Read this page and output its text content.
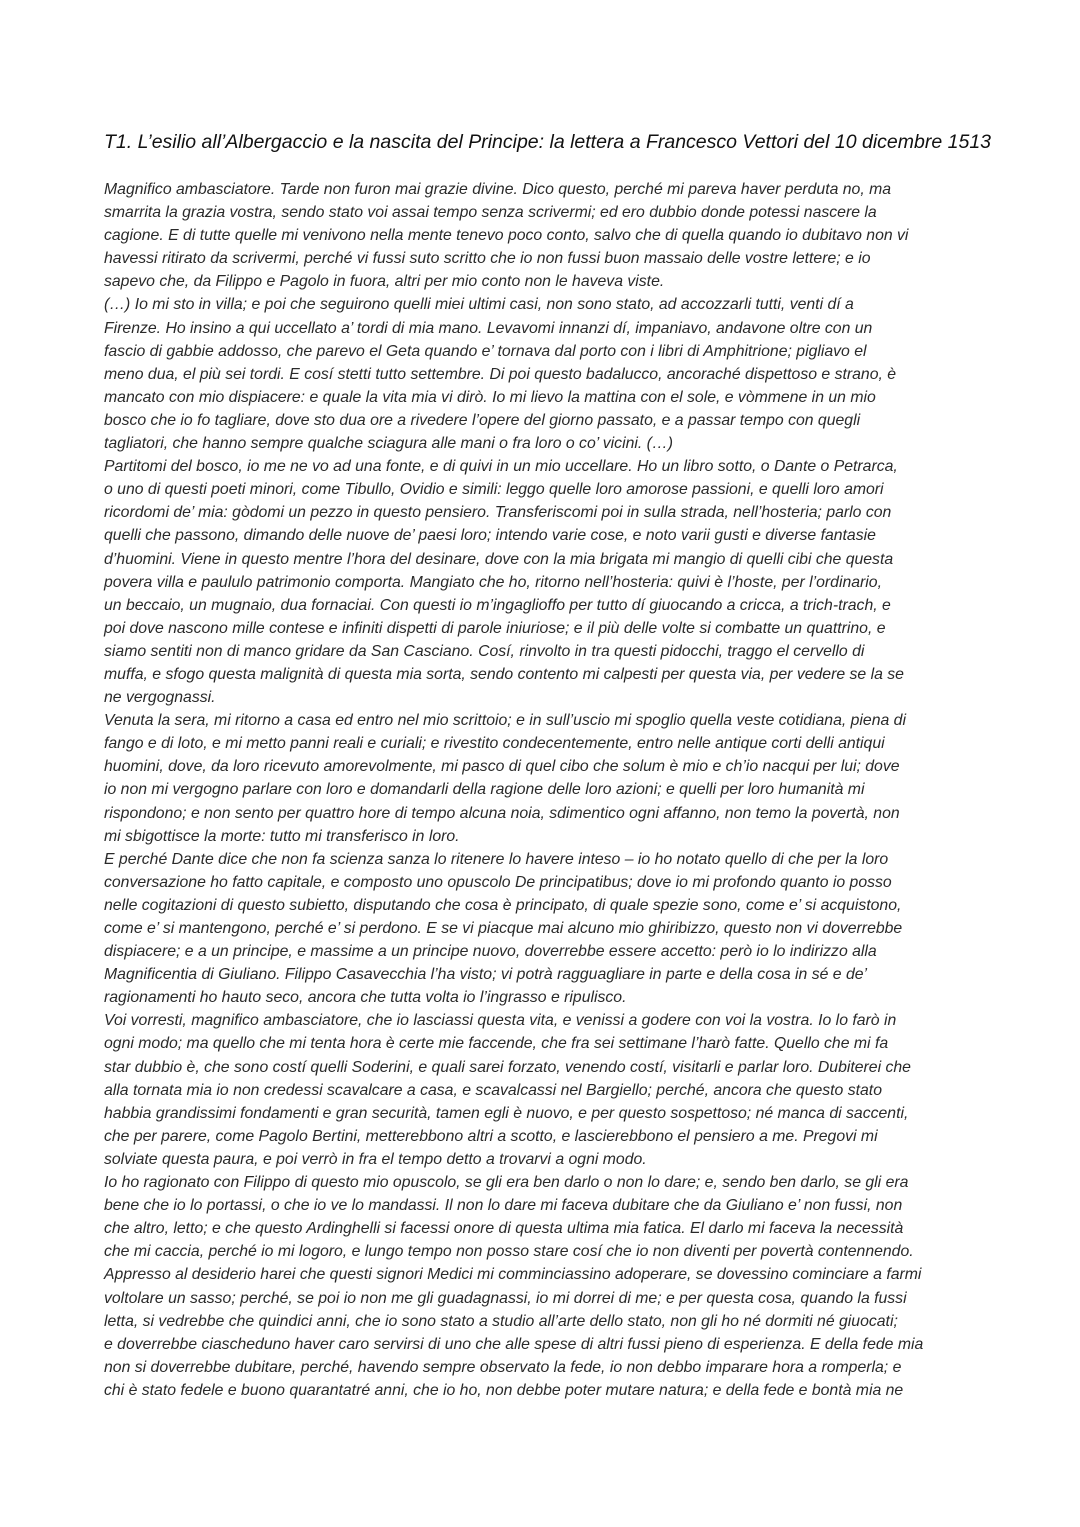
T1. L’esilio all’Albergaccio e la nascita del Principe: la lettera a Francesco Vettori del 10 dicembre 1513
Magnifico ambasciatore. Tarde non furon mai grazie divine. Dico questo, perché mi pareva haver perduta no, ma
smarrita la grazia vostra, sendo stato voi assai tempo senza scrivermi; ed ero dubbio donde potessi nascere la
cagione. E di tutte quelle mi venivono nella mente tenevo poco conto, salvo che di quella quando io dubitavo non vi
havessi ritirato da scrivermi, perché vi fussi suto scritto che io non fussi buon massaio delle vostre lettere; e io
sapevo che, da Filippo e Pagolo in fuora, altri per mio conto non le haveva viste.
(…) Io mi sto in villa; e poi che seguirono quelli miei ultimi casi, non sono stato, ad accozzarli tutti, venti dí a
Firenze. Ho insino a qui uccellato a’ tordi di mia mano. Levavomi innanzi dí, impaniavo, andavone oltre con un
fascio di gabbie addosso, che parevo el Geta quando e’ tornava dal porto con i libri di Amphitrione; pigliavo el
meno dua, el più sei tordi. E cosí stetti tutto settembre. Di poi questo badalucco, ancoraché dispettoso e strano, è
mancato con mio dispiacere: e quale la vita mia vi dirò. Io mi lievo la mattina con el sole, e vòmmene in un mio
bosco che io fo tagliare, dove sto dua ore a rivedere l’opere del giorno passato, e a passar tempo con quegli
tagliatori, che hanno sempre qualche sciagura alle mani o fra loro o co’ vicini. (…)
Partitomi del bosco, io me ne vo ad una fonte, e di quivi in un mio uccellare. Ho un libro sotto, o Dante o Petrarca,
o uno di questi poeti minori, come Tibullo, Ovidio e simili: leggo quelle loro amorose passioni, e quelli loro amori
ricordomi de’ mia: gòdomi un pezzo in questo pensiero. Transferiscomi poi in sulla strada, nell’hosteria; parlo con
quelli che passono, dimando delle nuove de’ paesi loro; intendo varie cose, e noto varii gusti e diverse fantasie
d’huomini. Viene in questo mentre l’hora del desinare, dove con la mia brigata mi mangio di quelli cibi che questa
povera villa e paululo patrimonio comporta. Mangiato che ho, ritorno nell’hosteria: quivi è l’hoste, per l’ordinario,
un beccaio, un mugnaio, dua fornaciai. Con questi io m’ingaglioffo per tutto dí giuocando a cricca, a trich-trach, e
poi dove nascono mille contese e infiniti dispetti di parole iniuriose; e il più delle volte si combatte un quattrino, e
siamo sentiti non di manco gridare da San Casciano. Cosí, rinvolto in tra questi pidocchi, traggo el cervello di
muffa, e sfogo questa malignità di questa mia sorta, sendo contento mi calpesti per questa via, per vedere se la se
ne vergognassi.
Venuta la sera, mi ritorno a casa ed entro nel mio scrittoio; e in sull’uscio mi spoglio quella veste cotidiana, piena di
fango e di loto, e mi metto panni reali e curiali; e rivestito condecentemente, entro nelle antique corti delli antiqui
huomini, dove, da loro ricevuto amorevolmente, mi pasco di quel cibo che solum è mio e ch’io nacqui per lui; dove
io non mi vergogno parlare con loro e domandarli della ragione delle loro azioni; e quelli per loro humanità mi
rispondono; e non sento per quattro hore di tempo alcuna noia, sdimentico ogni affanno, non temo la povertà, non
mi sbigottisce la morte: tutto mi transferisco in loro.
E perché Dante dice che non fa scienza sanza lo ritenere lo havere inteso – io ho notato quello di che per la loro
conversazione ho fatto capitale, e composto uno opuscolo De principatibus; dove io mi profondo quanto io posso
nelle cogitazioni di questo subietto, disputando che cosa è principato, di quale spezie sono, come e’ si acquistono,
come e’ si mantengono, perché e’ si perdono. E se vi piacque mai alcuno mio ghiribizzo, questo non vi doverrebbe
dispiacere; e a un principe, e massime a un principe nuovo, doverrebbe essere accetto: però io lo indirizzo alla
Magnificentia di Giuliano. Filippo Casavecchia l’ha visto; vi potrà ragguagliare in parte e della cosa in sé e de’
ragionamenti ho hauto seco, ancora che tutta volta io l’ingrasso e ripulisco.
Voi vorresti, magnifico ambasciatore, che io lasciassi questa vita, e venissi a godere con voi la vostra. Io lo farò in
ogni modo; ma quello che mi tenta hora è certe mie faccende, che fra sei settimane l’harò fatte. Quello che mi fa
star dubbio è, che sono costí quelli Soderini, e quali sarei forzato, venendo costí, visitarli e parlar loro. Dubiterei che
alla tornata mia io non credessi scavalcare a casa, e scavalcassi nel Bargiello; perché, ancora che questo stato
habbia grandissimi fondamenti e gran securità, tamen egli è nuovo, e per questo sospettoso; né manca di saccenti,
che per parere, come Pagolo Bertini, metterebbono altri a scotto, e lascierebbono el pensiero a me. Pregovi mi
solviate questa paura, e poi verrò in fra el tempo detto a trovarvi a ogni modo.
Io ho ragionato con Filippo di questo mio opuscolo, se gli era ben darlo o non lo dare; e, sendo ben darlo, se gli era
bene che io lo portassi, o che io ve lo mandassi. Il non lo dare mi faceva dubitare che da Giuliano e’ non fussi, non
che altro, letto; e che questo Ardinghelli si facessi onore di questa ultima mia fatica. El darlo mi faceva la necessità
che mi caccia, perché io mi logoro, e lungo tempo non posso stare cosí che io non diventi per povertà contennendo.
Appresso al desiderio harei che questi signori Medici mi comminciassino adoperare, se dovessino cominciare a farmi
voltolare un sasso; perché, se poi io non me gli guadagnassi, io mi dorrei di me; e per questa cosa, quando la fussi
letta, si vedrebbe che quindici anni, che io sono stato a studio all’arte dello stato, non gli ho né dormiti né giuocati;
e doverrebbe ciascheduno haver caro servirsi di uno che alle spese di altri fussi pieno di esperienza. E della fede mia
non si doverrebbe dubitare, perché, havendo sempre observato la fede, io non debbo imparare hora a romperla; e
chi è stato fedele e buono quarantatré anni, che io ho, non debbe poter mutare natura; e della fede e bontà mia ne
